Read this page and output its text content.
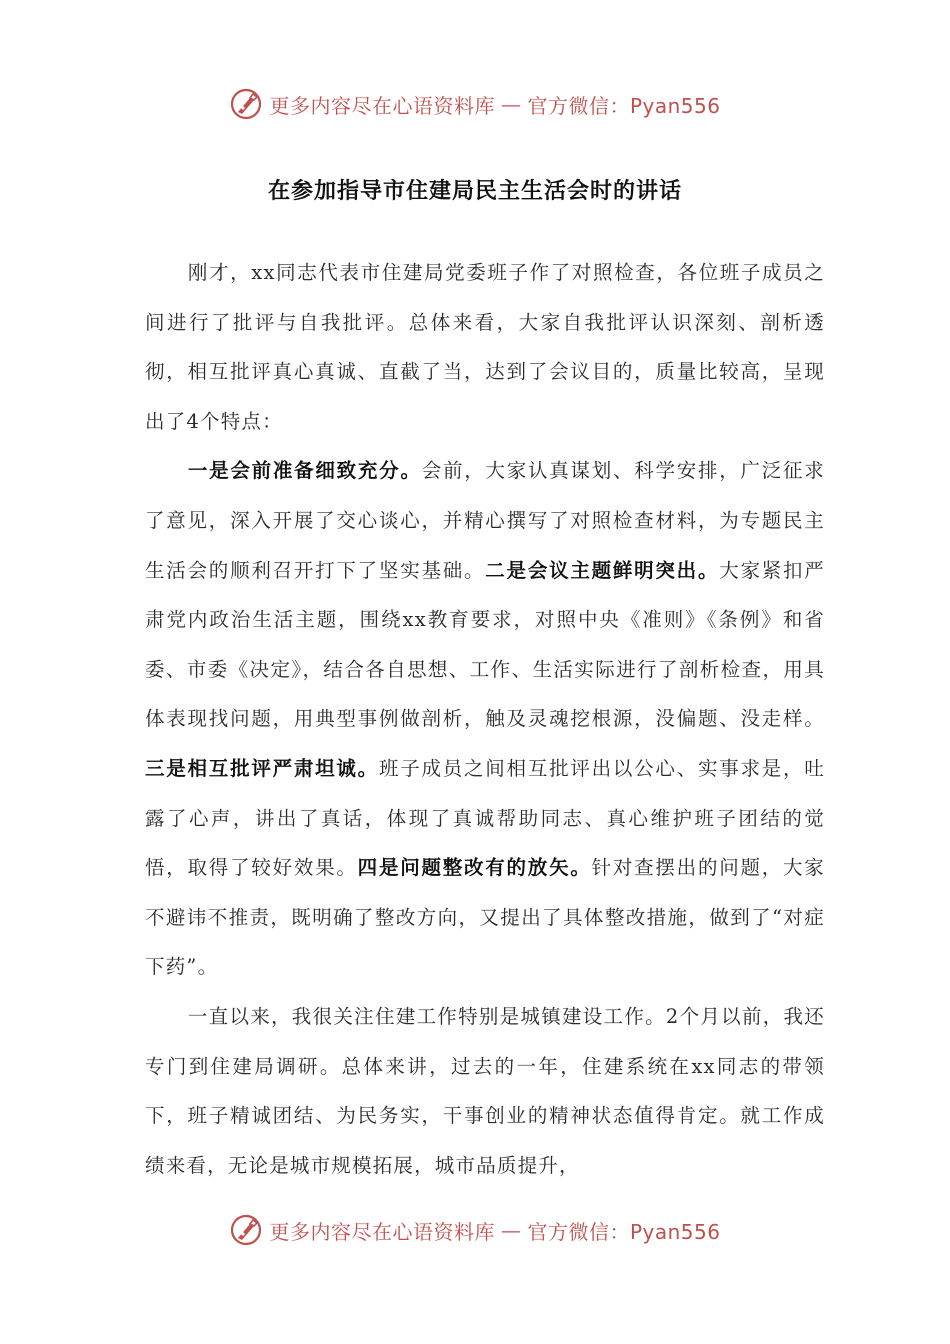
更多内容尽在心语资料库 — 官方微信：Pyan556
在参加指导市住建局民主生活会时的讲话

刚才，xx同志代表市住建局党委班子作了对照检查，各位班子成员之间进行了批评与自我批评。总体来看，大家自我批评认识深刻、剖析透彻，相互批评真心真诚、直截了当，达到了会议目的，质量比较高，呈现出了4个特点：

一是会前准备细致充分。会前，大家认真谋划、科学安排，广泛征求了意见，深入开展了交心谈心，并精心撰写了对照检查材料，为专题民主生活会的顺利召开打下了坚实基础。二是会议主题鲜明突出。大家紧扣严肃党内政治生活主题，围绕xx教育要求，对照中央《准则》《条例》和省委、市委《决定》，结合各自思想、工作、生活实际进行了剖析检查，用具体表现找问题，用典型事例做剖析，触及灵魂挖根源，没偏题、没走样。三是相互批评严肃坦诚。班子成员之间相互批评出以公心、实事求是，吐露了心声，讲出了真话，体现了真诚帮助同志、真心维护班子团结的觉悟，取得了较好效果。四是问题整改有的放矢。针对查摆出的问题，大家不避讳不推责，既明确了整改方向，又提出了具体整改措施，做到了“对症下药”。

一直以来，我很关注住建工作特别是城镇建设工作。2个月以前，我还专门到住建局调研。总体来讲，过去的一年，住建系统在xx同志的带领下，班子精诚团结、为民务实，干事创业的精神状态值得肯定。就工作成绩来看，无论是城市规模拓展，城市品质提升，

更多内容尽在心语资料库 — 官方微信：Pyan556
